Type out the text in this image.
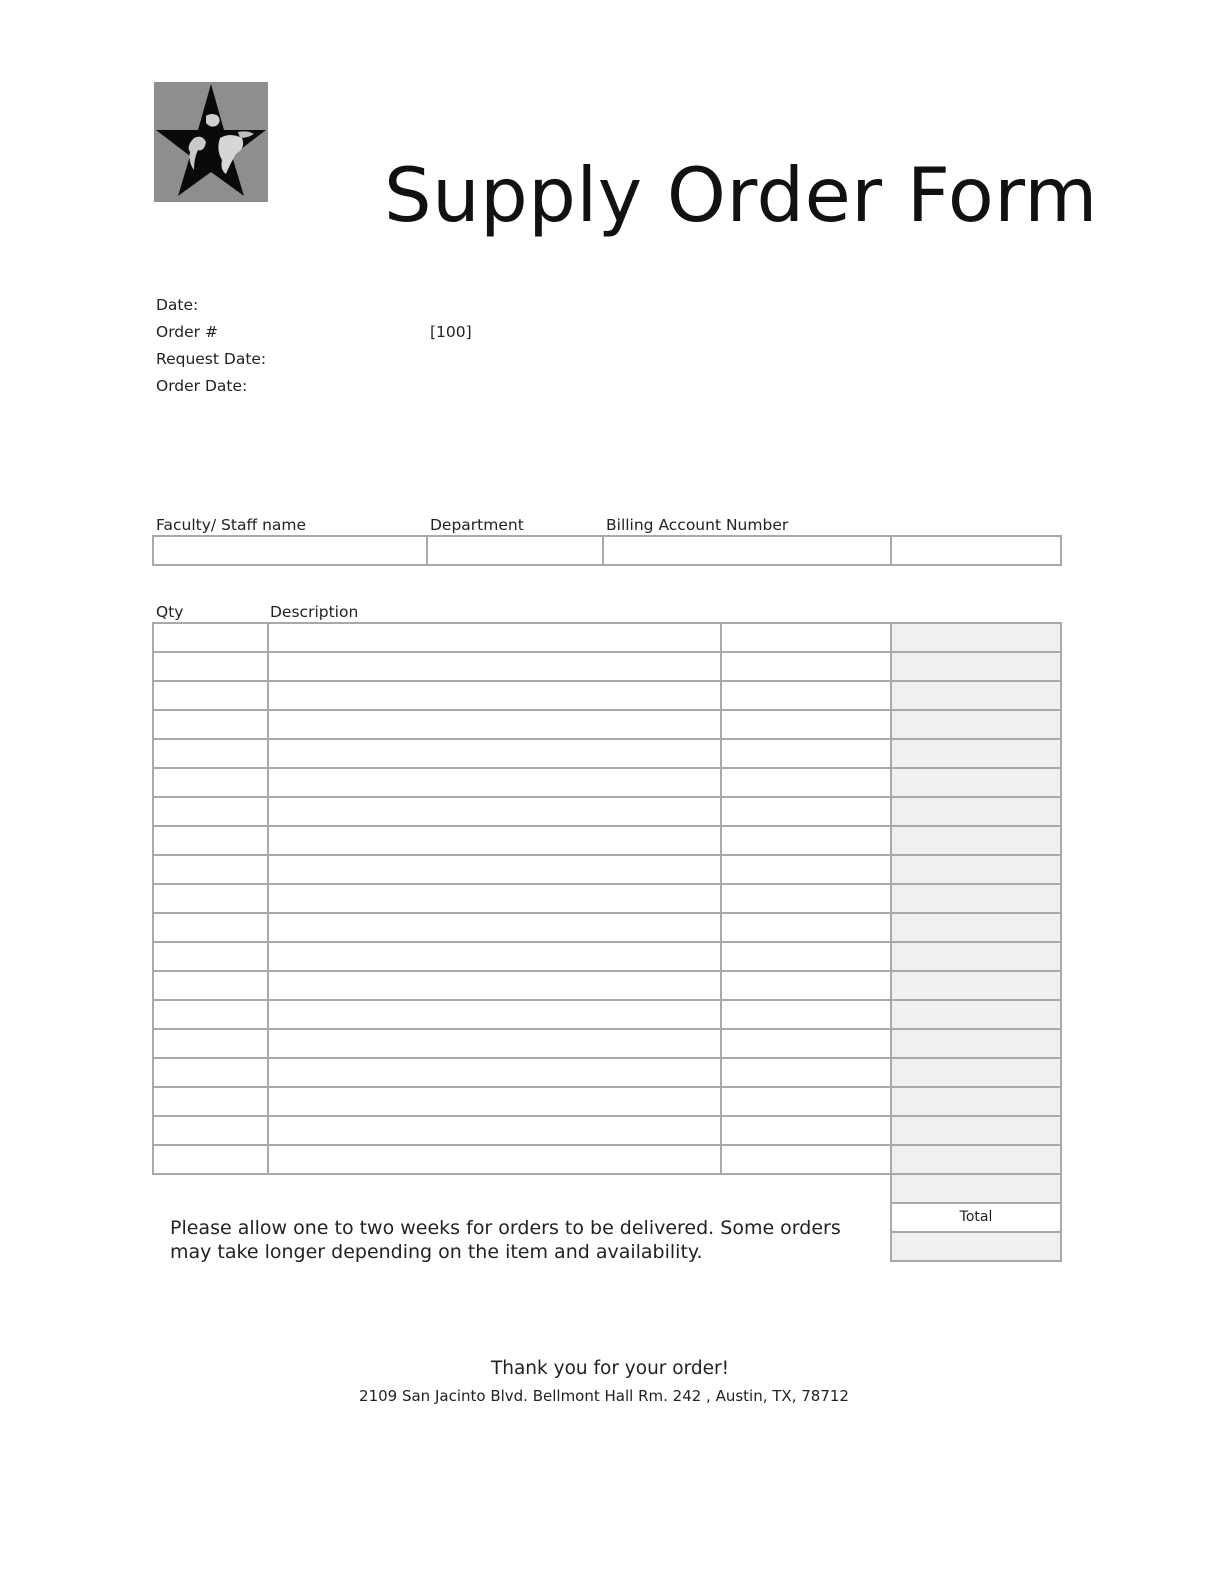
Supply Order Form
Date:
Order #	[100]
Request Date:
Order Date:
Faculty/ Staff name	Department	Billing Account Number
Qty	Description
Total
Please allow one to two weeks for orders to be delivered. Some orders may take longer depending on the item and availability.
Thank you for your order!
2109 San Jacinto Blvd. Bellmont Hall Rm. 242 , Austin, TX, 78712
